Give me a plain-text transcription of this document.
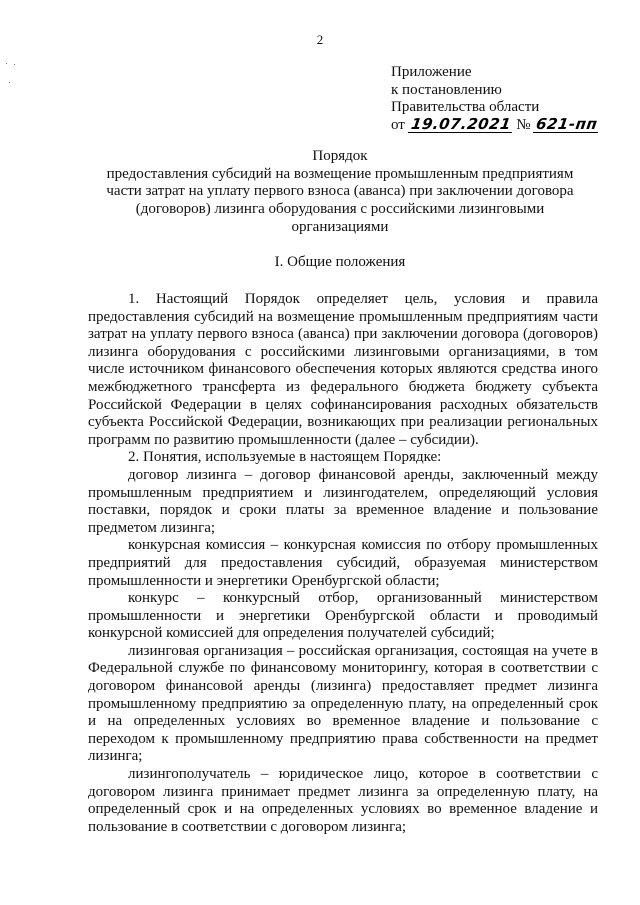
2
Приложение
к постановлению
Правительства области
от 19.07.2021 № 621-пп
Порядок
предоставления субсидий на возмещение промышленным предприятиям
части затрат на уплату первого взноса (аванса) при заключении договора
(договоров) лизинга оборудования с российскими лизинговыми
организациями
I. Общие положения

1. Настоящий Порядок определяет цель, условия и правила предоставления субсидий на возмещение промышленным предприятиям части затрат на уплату первого взноса (аванса) при заключении договора (договоров) лизинга оборудования с российскими лизинговыми организациями, в том числе источником финансового обеспечения которых являются средства иного межбюджетного трансферта из федерального бюджета бюджету субъекта Российской Федерации в целях софинансирования расходных обязательств субъекта Российской Федерации, возникающих при реализации региональных программ по развитию промышленности (далее – субсидии).

2. Понятия, используемые в настоящем Порядке:

договор лизинга – договор финансовой аренды, заключенный между промышленным предприятием и лизингодателем, определяющий условия поставки, порядок и сроки платы за временное владение и пользование предметом лизинга;

конкурсная комиссия – конкурсная комиссия по отбору промышленных предприятий для предоставления субсидий, образуемая министерством промышленности и энергетики Оренбургской области;

конкурс – конкурсный отбор, организованный министерством промышленности и энергетики Оренбургской области и проводимый конкурсной комиссией для определения получателей субсидий;

лизинговая организация – российская организация, состоящая на учете в Федеральной службе по финансовому мониторингу, которая в соответствии с договором финансовой аренды (лизинга) предоставляет предмет лизинга промышленному предприятию за определенную плату, на определенный срок и на определенных условиях во временное владение и пользование с переходом к промышленному предприятию права собственности на предмет лизинга;

лизингополучатель – юридическое лицо, которое в соответствии с договором лизинга принимает предмет лизинга за определенную плату, на определенный срок и на определенных условиях во временное владение и пользование в соответствии с договором лизинга;
